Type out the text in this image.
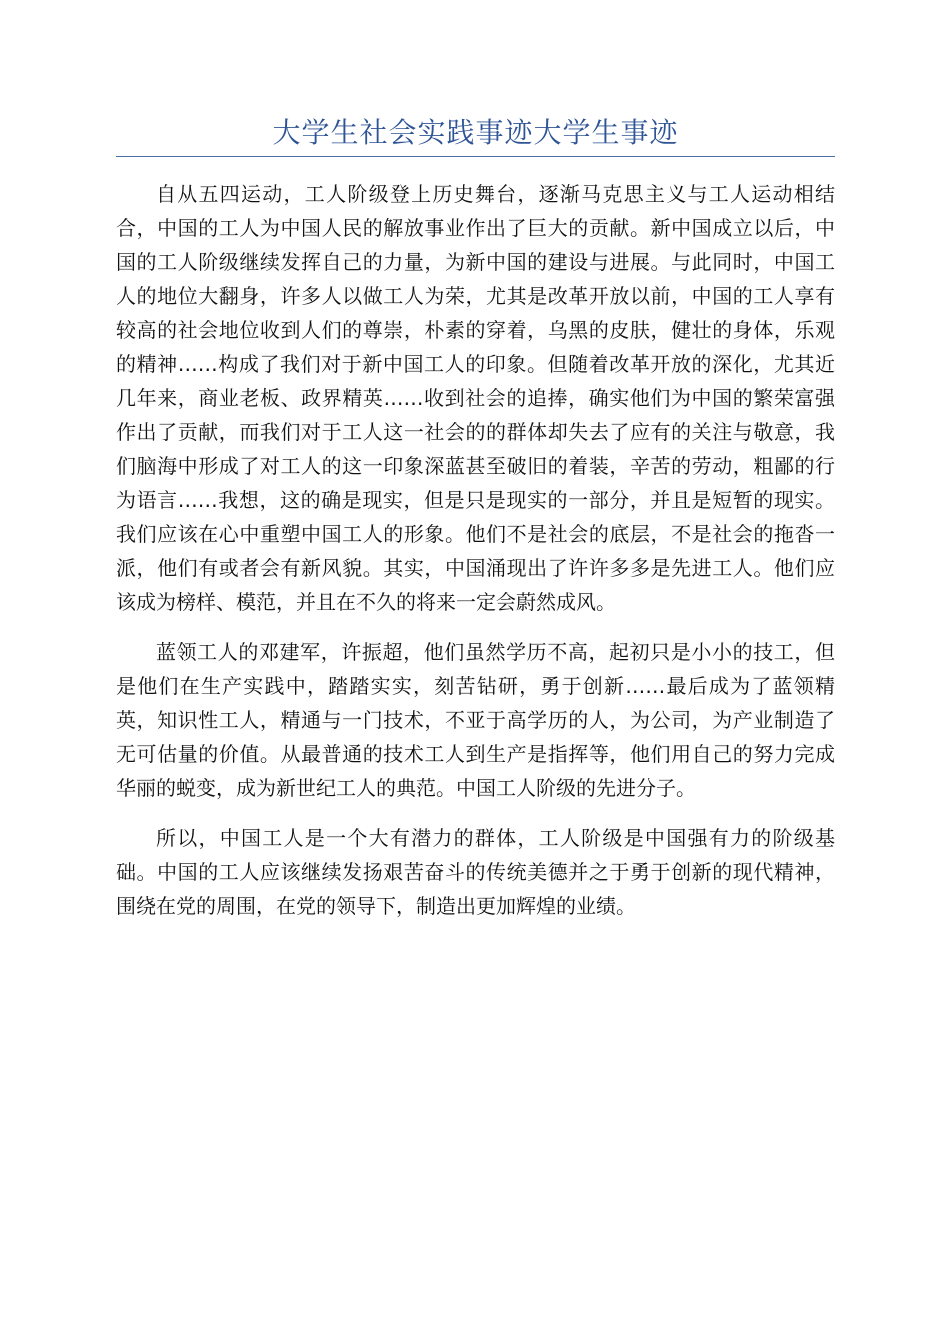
大学生社会实践事迹大学生事迹

自从五四运动，工人阶级登上历史舞台，逐渐马克思主义与工人运动相结合，中国的工人为中国人民的解放事业作出了巨大的贡献。新中国成立以后，中国的工人阶级继续发挥自己的力量，为新中国的建设与进展。与此同时，中国工人的地位大翻身，许多人以做工人为荣，尤其是改革开放以前，中国的工人享有较高的社会地位收到人们的尊崇，朴素的穿着，乌黑的皮肤，健壮的身体，乐观的精神……构成了我们对于新中国工人的印象。但随着改革开放的深化，尤其近几年来，商业老板、政界精英……收到社会的追捧，确实他们为中国的繁荣富强作出了贡献，而我们对于工人这一社会的的群体却失去了应有的关注与敬意，我们脑海中形成了对工人的这一印象深蓝甚至破旧的着装，辛苦的劳动，粗鄙的行为语言……我想，这的确是现实，但是只是现实的一部分，并且是短暂的现实。我们应该在心中重塑中国工人的形象。他们不是社会的底层，不是社会的拖沓一派，他们有或者会有新风貌。其实，中国涌现出了许许多多是先进工人。他们应该成为榜样、模范，并且在不久的将来一定会蔚然成风。

蓝领工人的邓建军，许振超，他们虽然学历不高，起初只是小小的技工，但是他们在生产实践中，踏踏实实，刻苦钻研，勇于创新……最后成为了蓝领精英，知识性工人，精通与一门技术，不亚于高学历的人，为公司，为产业制造了无可估量的价值。从最普通的技术工人到生产是指挥等，他们用自己的努力完成华丽的蜕变，成为新世纪工人的典范。中国工人阶级的先进分子。

所以，中国工人是一个大有潜力的群体，工人阶级是中国强有力的阶级基础。中国的工人应该继续发扬艰苦奋斗的传统美德并之于勇于创新的现代精神，围绕在党的周围，在党的领导下，制造出更加辉煌的业绩。
